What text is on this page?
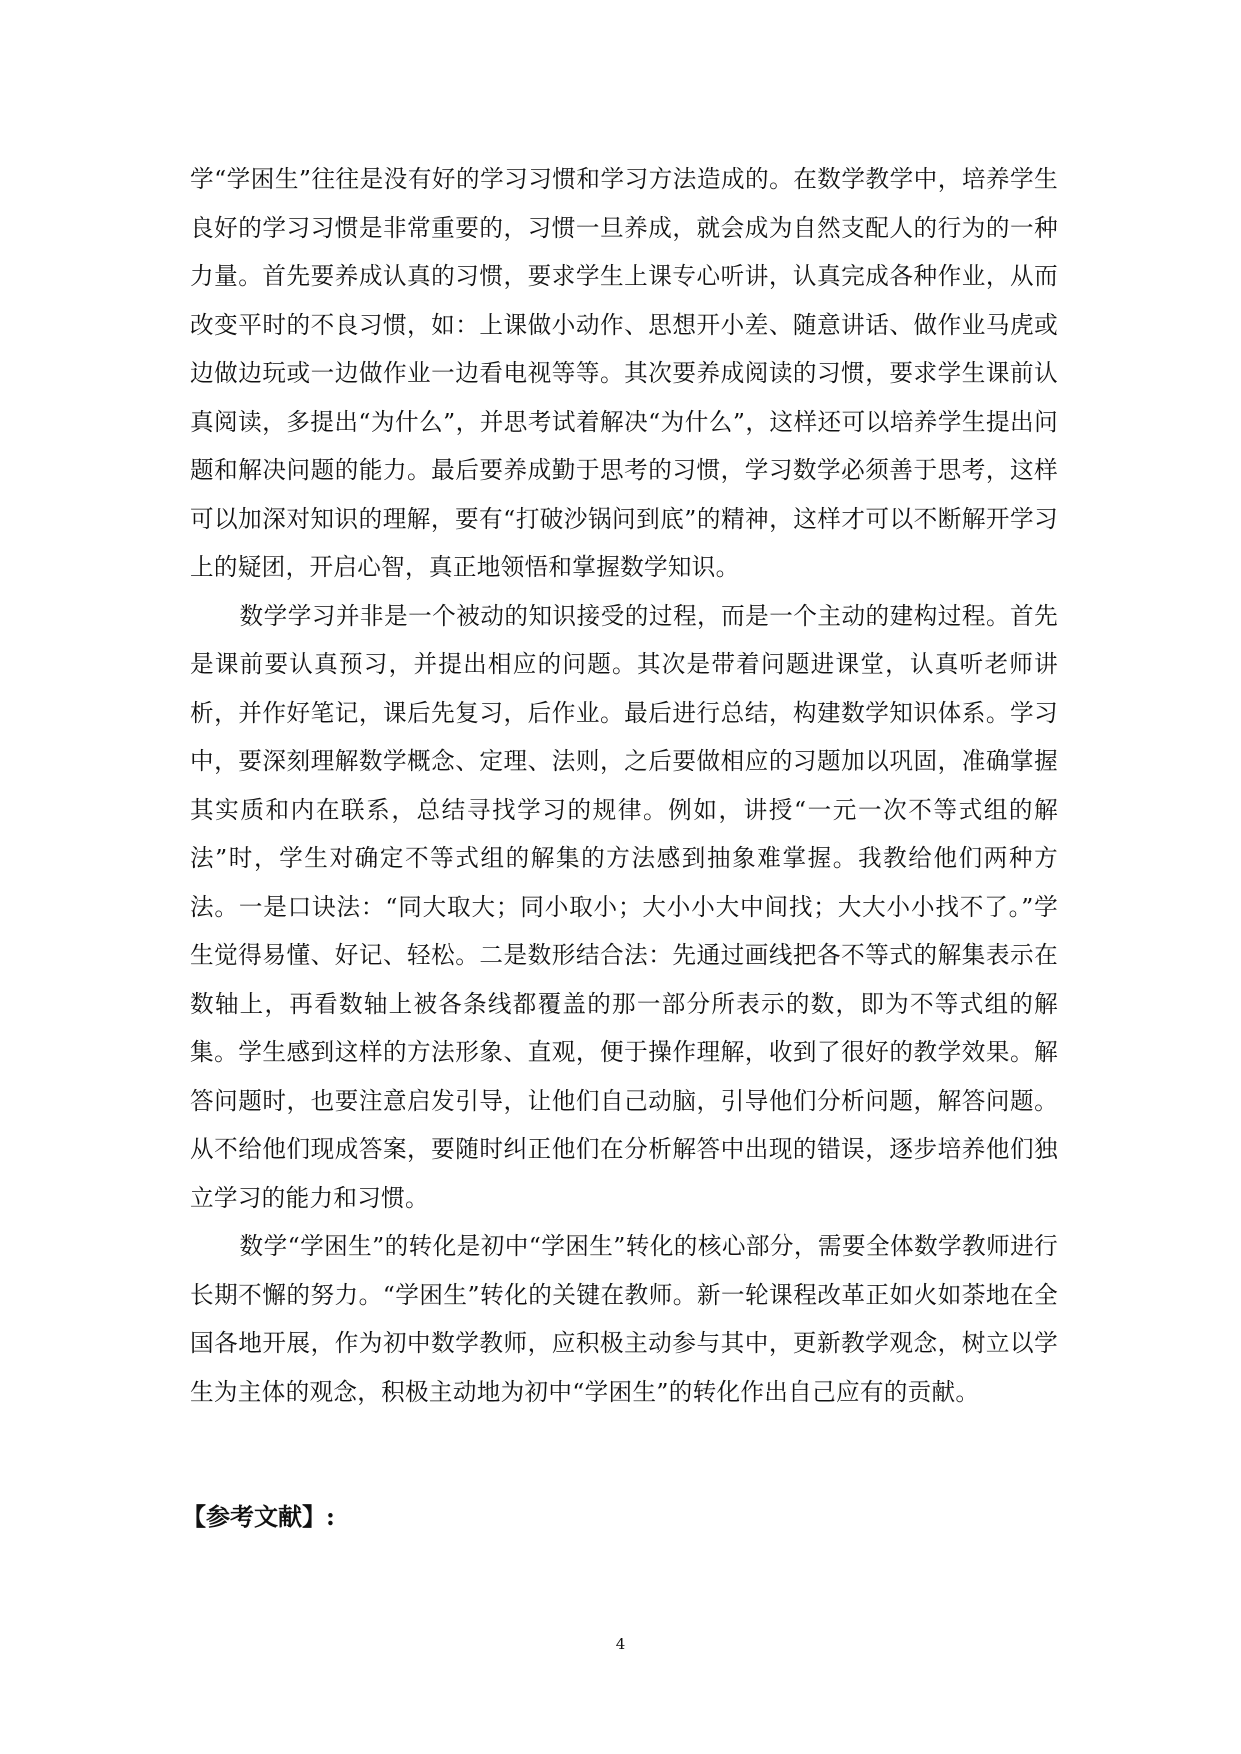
学“学困生”往往是没有好的学习习惯和学习方法造成的。在数学教学中，培养学生良好的学习习惯是非常重要的，习惯一旦养成，就会成为自然支配人的行为的一种力量。首先要养成认真的习惯，要求学生上课专心听讲，认真完成各种作业，从而改变平时的不良习惯，如：上课做小动作、思想开小差、随意讲话、做作业马虎或边做边玩或一边做作业一边看电视等等。其次要养成阅读的习惯，要求学生课前认真阅读，多提出“为什么”，并思考试着解决“为什么”，这样还可以培养学生提出问题和解决问题的能力。最后要养成勤于思考的习惯，学习数学必须善于思考，这样可以加深对知识的理解，要有“打破沙锅问到底”的精神，这样才可以不断解开学习上的疑团，开启心智，真正地领悟和掌握数学知识。

数学学习并非是一个被动的知识接受的过程，而是一个主动的建构过程。首先是课前要认真预习，并提出相应的问题。其次是带着问题进课堂，认真听老师讲析，并作好笔记，课后先复习，后作业。最后进行总结，构建数学知识体系。学习中，要深刻理解数学概念、定理、法则，之后要做相应的习题加以巩固，准确掌握其实质和内在联系，总结寻找学习的规律。例如，讲授“一元一次不等式组的解法”时，学生对确定不等式组的解集的方法感到抽象难掌握。我教给他们两种方法。一是口诀法：“同大取大；同小取小；大小小大中间找；大大小小找不了。”学生觉得易懂、好记、轻松。二是数形结合法：先通过画线把各不等式的解集表示在数轴上，再看数轴上被各条线都覆盖的那一部分所表示的数，即为不等式组的解集。学生感到这样的方法形象、直观，便于操作理解，收到了很好的教学效果。解答问题时，也要注意启发引导，让他们自己动脑，引导他们分析问题，解答问题。从不给他们现成答案，要随时纠正他们在分析解答中出现的错误，逐步培养他们独立学习的能力和习惯。

数学“学困生”的转化是初中“学困生”转化的核心部分，需要全体数学教师进行长期不懈的努力。“学困生”转化的关键在教师。新一轮课程改革正如火如荼地在全国各地开展，作为初中数学教师，应积极主动参与其中，更新教学观念，树立以学生为主体的观念，积极主动地为初中“学困生”的转化作出自己应有的贡献。

【参考文献】:

4
